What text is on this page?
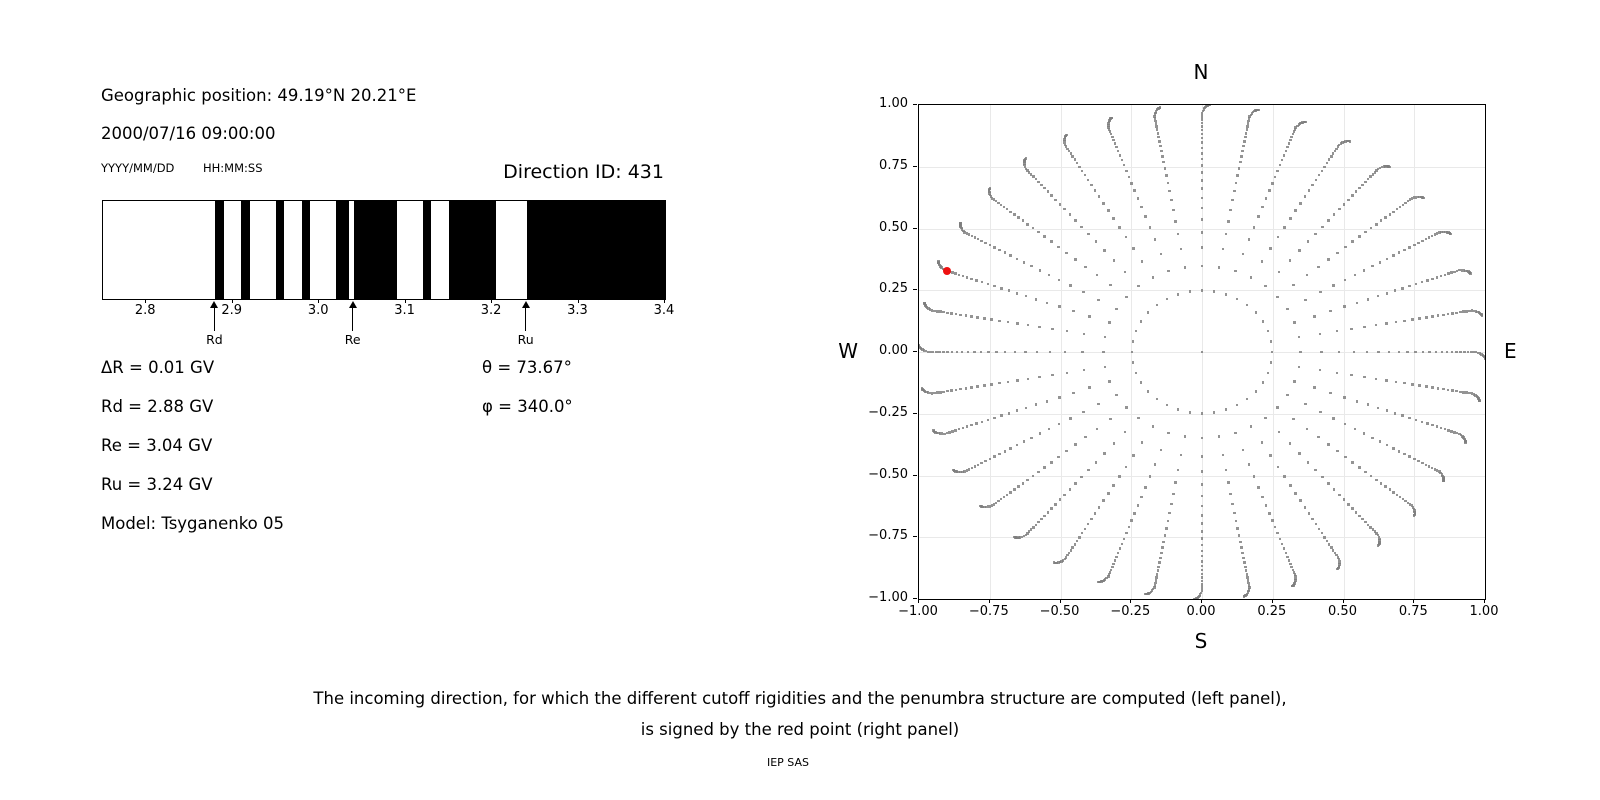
Geographic position: 49.19°N 20.21°E
2000/07/16 09:00:00
YYYY/MM/DD HH:MM:SS	Direction ID: 431
2.8	2.9	3.0	3.1	3.2	3.3	3.4
Rd	Re	Ru
ΔR = 0.01 GV
Rd = 2.88 GV
Re = 3.04 GV
Ru = 3.24 GV
Model: Tsyganenko 05
θ = 73.67°
φ = 340.0°
−1.00	−0.75	−0.50	−0.25	0.00	0.25	0.50	0.75	1.00
1.00
0.75
0.50
0.25
0.00
−0.25
−0.50
−0.75
−1.00
N
S
W	E
The incoming direction, for which the different cutoff rigidities and the penumbra structure are computed (left panel),
is signed by the red point (right panel)
IEP SAS
